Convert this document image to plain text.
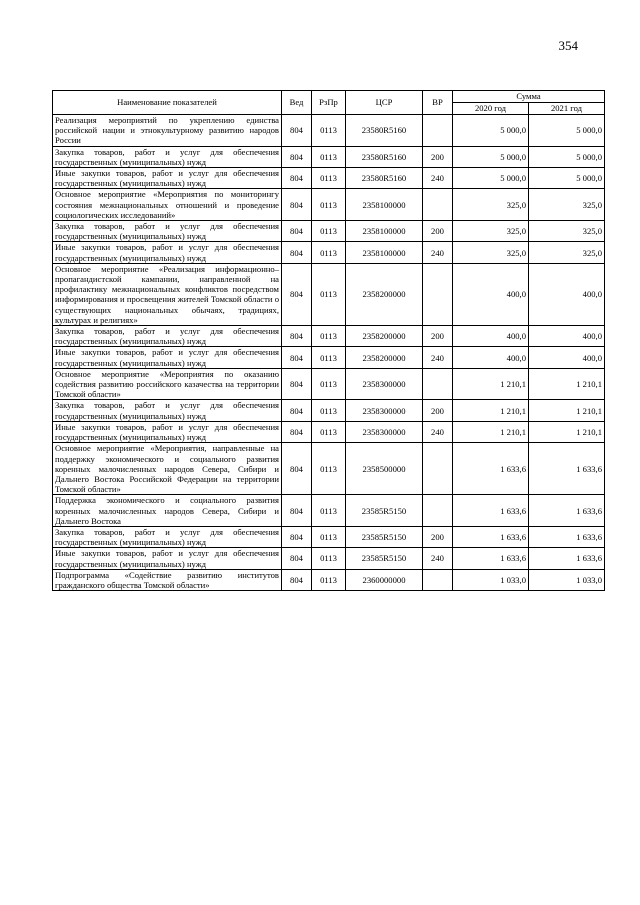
354
Наименование показателей	Вед	РзПр	ЦСР	ВР	Сумма	
					2020 год	2021 год
Реализация мероприятий по укреплению единства российской нации и этнокультурному развитию народов России	804	0113	23580R5160		5 000,0	5 000,0
Закупка товаров, работ и услуг для обеспечения государственных (муниципальных) нужд	804	0113	23580R5160	200	5 000,0	5 000,0
Иные закупки товаров, работ и услуг для обеспечения государственных (муниципальных) нужд	804	0113	23580R5160	240	5 000,0	5 000,0
Основное мероприятие «Мероприятия по мониторингу состояния межнациональных отношений и проведение социологических исследований»	804	0113	2358100000		325,0	325,0
Закупка товаров, работ и услуг для обеспечения государственных (муниципальных) нужд	804	0113	2358100000	200	325,0	325,0
Иные закупки товаров, работ и услуг для обеспечения государственных (муниципальных) нужд	804	0113	2358100000	240	325,0	325,0
Основное мероприятие «Реализация информационно–пропагандистской кампании, направленной на профилактику межнациональных конфликтов посредством информирования и просвещения жителей Томской области о существующих национальных обычаях, традициях, культурах и религиях»	804	0113	2358200000		400,0	400,0
Закупка товаров, работ и услуг для обеспечения государственных (муниципальных) нужд	804	0113	2358200000	200	400,0	400,0
Иные закупки товаров, работ и услуг для обеспечения государственных (муниципальных) нужд	804	0113	2358200000	240	400,0	400,0
Основное мероприятие «Мероприятия по оказанию содействия развитию российского казачества на территории Томской области»	804	0113	2358300000		1 210,1	1 210,1
Закупка товаров, работ и услуг для обеспечения государственных (муниципальных) нужд	804	0113	2358300000	200	1 210,1	1 210,1
Иные закупки товаров, работ и услуг для обеспечения государственных (муниципальных) нужд	804	0113	2358300000	240	1 210,1	1 210,1
Основное мероприятие «Мероприятия, направленные на поддержку экономического и социального развития коренных малочисленных народов Севера, Сибири и Дальнего Востока Российской Федерации на территории Томской области»	804	0113	2358500000		1 633,6	1 633,6
Поддержка экономического и социального развития коренных малочисленных народов Севера, Сибири и Дальнего Востока	804	0113	23585R5150		1 633,6	1 633,6
Закупка товаров, работ и услуг для обеспечения государственных (муниципальных) нужд	804	0113	23585R5150	200	1 633,6	1 633,6
Иные закупки товаров, работ и услуг для обеспечения государственных (муниципальных) нужд	804	0113	23585R5150	240	1 633,6	1 633,6
Подпрограмма «Содействие развитию институтов гражданского общества Томской области»	804	0113	2360000000		1 033,0	1 033,0
